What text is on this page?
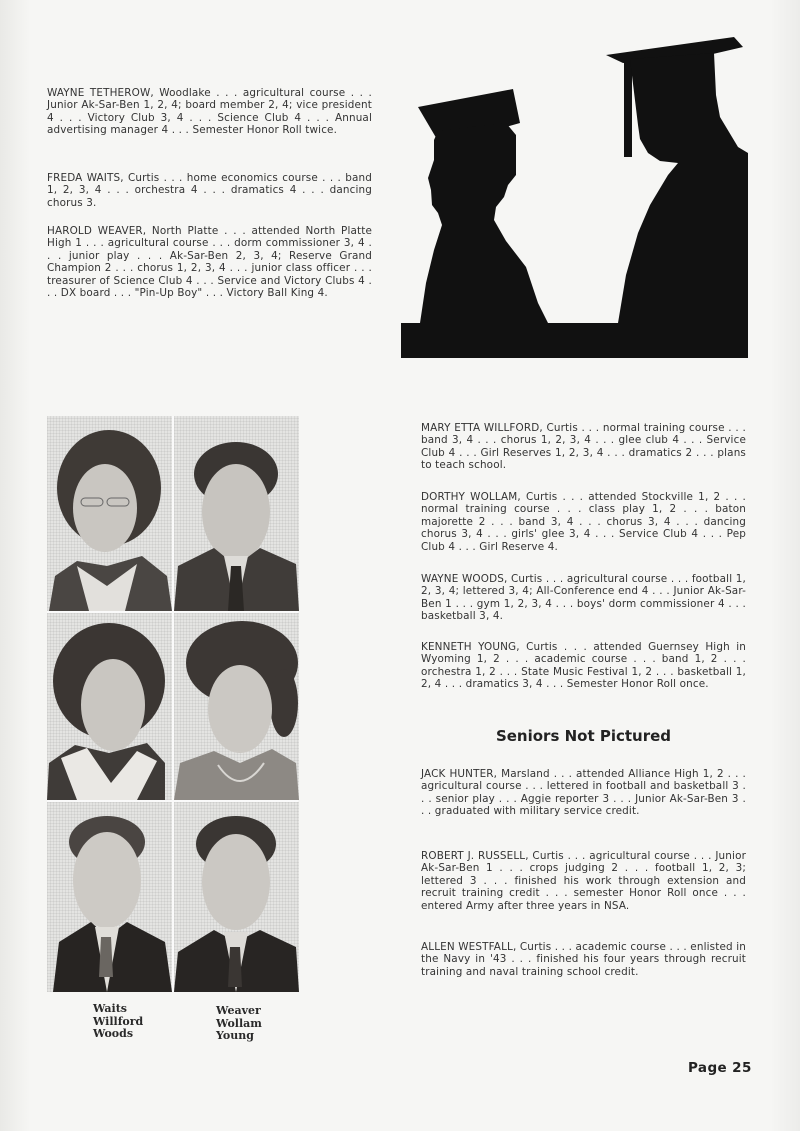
WAYNE TETHEROW, Woodlake . . . agricultural course . . . Junior Ak-Sar-Ben 1, 2, 4; board member 2, 4; vice president 4 . . . Victory Club 3, 4 . . . Science Club 4 . . . Annual advertising manager 4 . . . Semester Honor Roll twice.
FREDA WAITS, Curtis . . . home economics course . . . band 1, 2, 3, 4 . . . orchestra 4 . . . dramatics 4 . . . dancing chorus 3.
HAROLD WEAVER, North Platte . . . attended North Platte High 1 . . . agricultural course . . . dorm commissioner 3, 4 . . . junior play . . . Ak-Sar-Ben 2, 3, 4; Reserve Grand Champion 2 . . . chorus 1, 2, 3, 4 . . . junior class officer . . . treasurer of Science Club 4 . . . Service and Victory Clubs 4 . . . DX board . . . "Pin-Up Boy" . . . Victory Ball King 4.
Waits
Willford
Woods
Weaver
Wollam
Young
MARY ETTA WILLFORD, Curtis . . . normal training course . . . band 3, 4 . . . chorus 1, 2, 3, 4 . . . glee club 4 . . . Service Club 4 . . . Girl Reserves 1, 2, 3, 4 . . . dramatics 2 . . . plans to teach school.
DORTHY WOLLAM, Curtis . . . attended Stockville 1, 2 . . . normal training course . . . class play 1, 2 . . . baton majorette 2 . . . band 3, 4 . . . chorus 3, 4 . . . dancing chorus 3, 4 . . . girls' glee 3, 4 . . . Service Club 4 . . . Pep Club 4 . . . Girl Reserve 4.
WAYNE WOODS, Curtis . . . agricultural course . . . football 1, 2, 3, 4; lettered 3, 4; All-Conference end 4 . . . Junior Ak-Sar-Ben 1 . . . gym 1, 2, 3, 4 . . . boys' dorm commissioner 4 . . . basketball 3, 4.
KENNETH YOUNG, Curtis . . . attended Guernsey High in Wyoming 1, 2 . . . academic course . . . band 1, 2 . . . orchestra 1, 2 . . . State Music Festival 1, 2 . . . basketball 1, 2, 4 . . . dramatics 3, 4 . . . Semester Honor Roll once.
Seniors Not Pictured
JACK HUNTER, Marsland . . . attended Alliance High 1, 2 . . . agricultural course . . . lettered in football and basketball 3 . . . senior play . . . Aggie reporter 3 . . . Junior Ak-Sar-Ben 3 . . . graduated with military service credit.
ROBERT J. RUSSELL, Curtis . . . agricultural course . . . Junior Ak-Sar-Ben 1 . . . crops judging 2 . . . football 1, 2, 3; lettered 3 . . . finished his work through extension and recruit training credit . . . semester Honor Roll once . . . entered Army after three years in NSA.
ALLEN WESTFALL, Curtis . . . academic course . . . enlisted in the Navy in '43 . . . finished his four years through recruit training and naval training school credit.
Page 25
